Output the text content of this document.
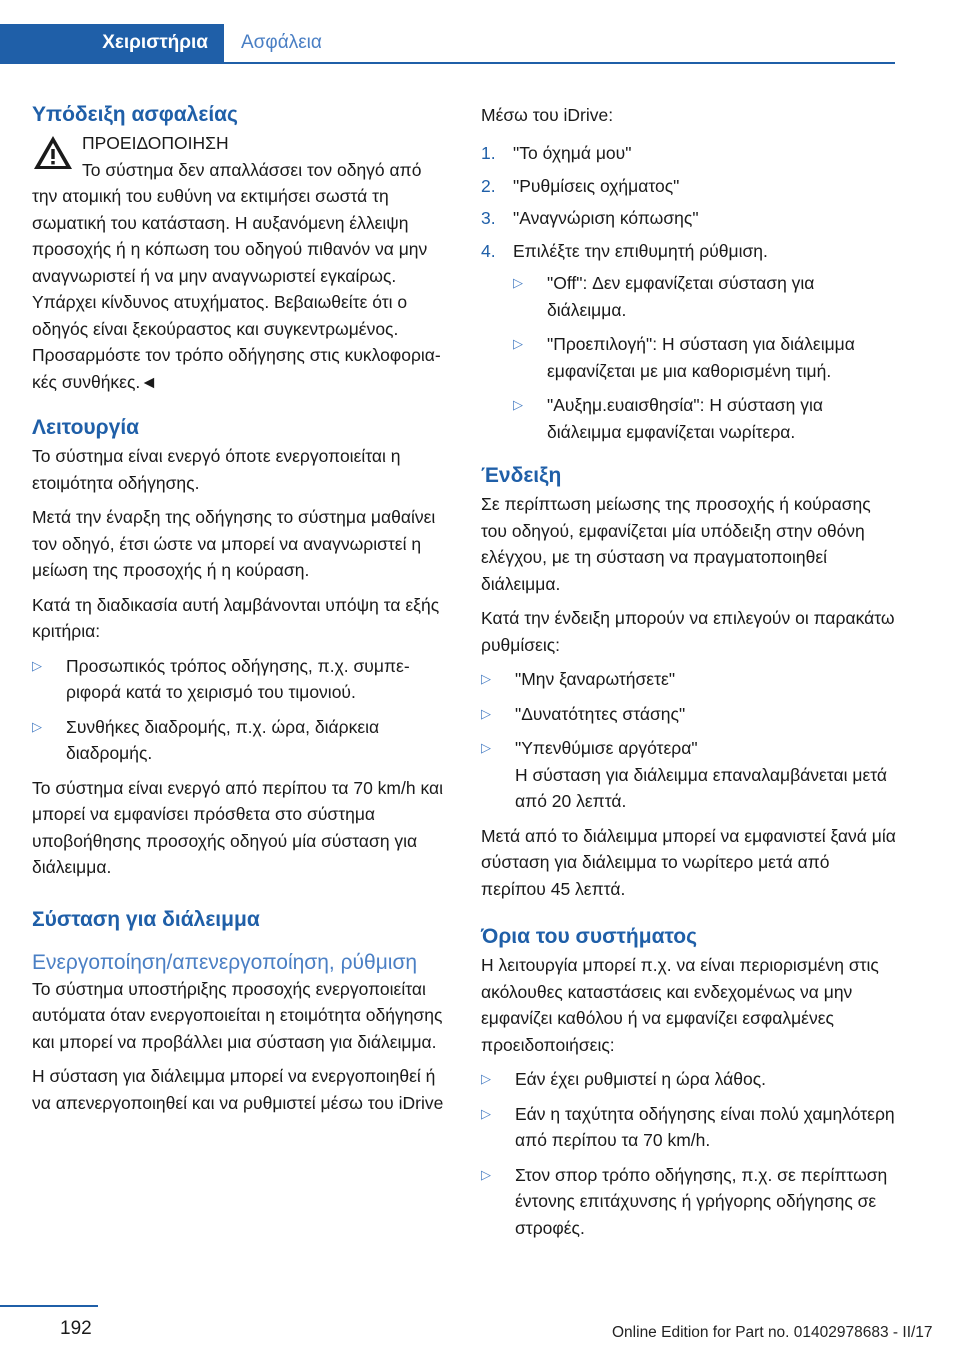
Χειριστήρια	Ασφάλεια
Υπόδειξη ασφαλείας

ΠΡΟΕΙΔΟΠΟΙΗΣΗ

Το σύστημα δεν απαλλάσσει τον οδηγό από την ατομική του ευθύνη να εκτιμήσει σωστά τη σωματική του κατάσταση. Η αυξανόμενη έλλειψη προσοχής ή η κόπωση του οδηγού πιθανόν να μην αναγνωριστεί ή να μην αναγνωριστεί εγκαίρως. Υπάρχει κίνδυνος ατυχήματος. Βεβαιωθείτε ότι ο οδηγός είναι ξεκούραστος και συγκεντρωμένος. Προσαρμόστε τον τρόπο οδήγησης στις κυκλοφοριακές συνθήκες.◄

Λειτουργία

Το σύστημα είναι ενεργό όποτε ενεργοποιείται η ετοιμότητα οδήγησης.

Μετά την έναρξη της οδήγησης το σύστημα μαθαίνει τον οδηγό, έτσι ώστε να μπορεί να αναγνωριστεί η μείωση της προσοχής ή η κούραση.

Κατά τη διαδικασία αυτή λαμβάνονται υπόψη τα εξής κριτήρια:

▷ Προσωπικός τρόπος οδήγησης, π.χ. συμπεριφορά κατά το χειρισμό του τιμονιού.
▷ Συνθήκες διαδρομής, π.χ. ώρα, διάρκεια διαδρομής.

Το σύστημα είναι ενεργό από περίπου τα 70 km/h και μπορεί να εμφανίσει πρόσθετα στο σύστημα υποβοήθησης προσοχής οδηγού μία σύσταση για διάλειμμα.

Σύσταση για διάλειμμα
Ενεργοποίηση/απενεργοποίηση, ρύθμιση

Το σύστημα υποστήριξης προσοχής ενεργοποιείται αυτόματα όταν ενεργοποιείται η ετοιμότητα οδήγησης και μπορεί να προβάλλει μια σύσταση για διάλειμμα.

Η σύσταση για διάλειμμα μπορεί να ενεργοποιηθεί ή να απενεργοποιηθεί και να ρυθμιστεί μέσω του iDrive

Μέσω του iDrive:

1. "Το όχημά μου"
2. "Ρυθμίσεις οχήματος"
3. "Αναγνώριση κόπωσης"
4. Επιλέξτε την επιθυμητή ρύθμιση.
▷ "Off": Δεν εμφανίζεται σύσταση για διάλειμμα.
▷ "Προεπιλογή": Η σύσταση για διάλειμμα εμφανίζεται με μια καθορισμένη τιμή.
▷ "Αυξημ.ευαισθησία": Η σύσταση για διάλειμμα εμφανίζεται νωρίτερα.
Ένδειξη

Σε περίπτωση μείωσης της προσοχής ή κούρασης του οδηγού, εμφανίζεται μία υπόδειξη στην οθόνη ελέγχου, με τη σύσταση να πραγματοποιηθεί διάλειμμα.

Κατά την ένδειξη μπορούν να επιλεγούν οι παρακάτω ρυθμίσεις:

▷ "Μην ξαναρωτήσετε"
▷ "Δυνατότητες στάσης"
▷ "Υπενθύμισε αργότερα"
Η σύσταση για διάλειμμα επαναλαμβάνεται μετά από 20 λεπτά.

Μετά από το διάλειμμα μπορεί να εμφανιστεί ξανά μία σύσταση για διάλειμμα το νωρίτερο μετά από περίπου 45 λεπτά.

Όρια του συστήματος

Η λειτουργία μπορεί π.χ. να είναι περιορισμένη στις ακόλουθες καταστάσεις και ενδεχομένως να μην εμφανίζει καθόλου ή να εμφανίζει εσφαλμένες προειδοποιήσεις:

▷ Εάν έχει ρυθμιστεί η ώρα λάθος.
▷ Εάν η ταχύτητα οδήγησης είναι πολύ χαμηλότερη από περίπου τα 70 km/h.
▷ Στον σπορ τρόπο οδήγησης, π.χ. σε περίπτωση έντονης επιτάχυνσης ή γρήγορης οδήγησης σε στροφές.
192	Online Edition for Part no. 01402978683 - II/17
